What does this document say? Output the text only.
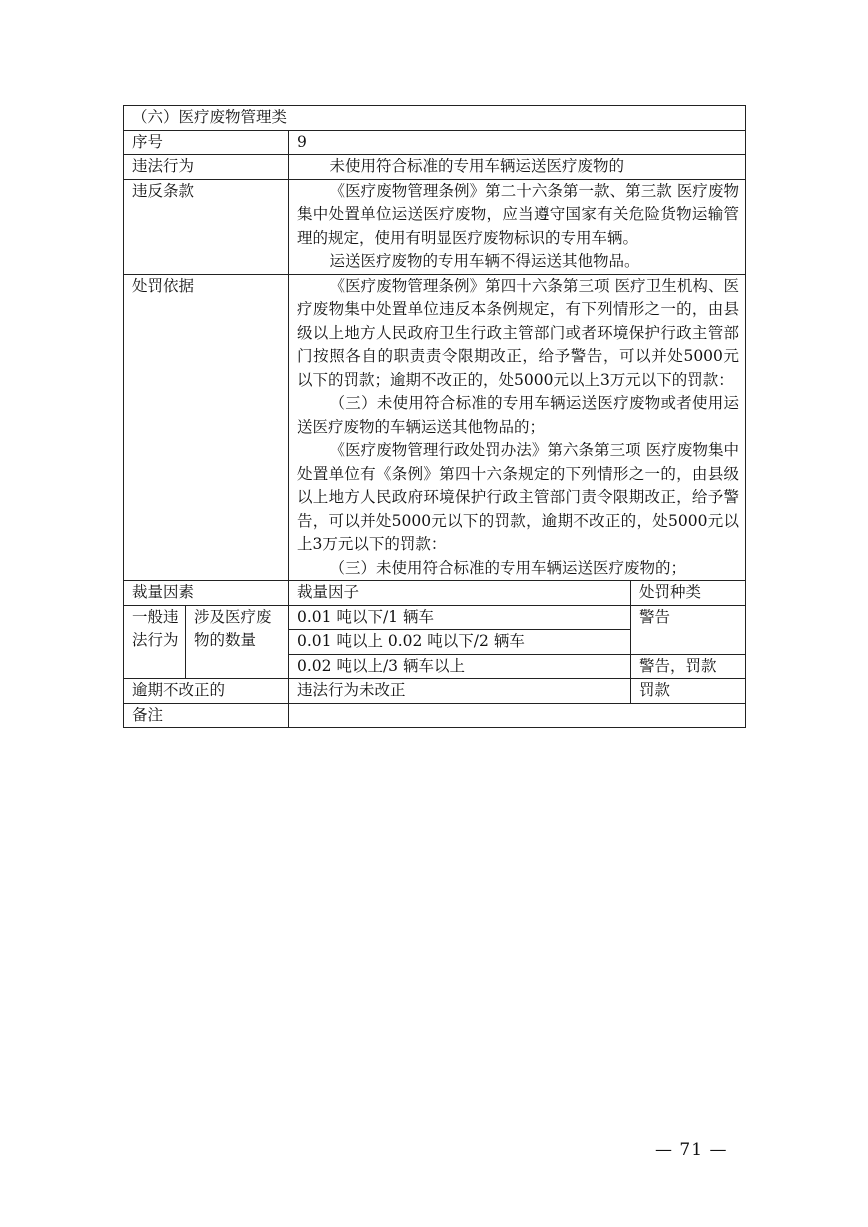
（六）医疗废物管理类			
序号		9	
违法行为		未使用符合标准的专用车辆运送医疗废物的	

违反条款		《医疗废物管理条例》第二十六条第一款、第三款 医疗废物集中处置单位运送医疗废物，应当遵守国家有关危险货物运输管理的规定，使用有明显医疗废物标识的专用车辆。

运送医疗废物的专用车辆不得运送其他物品。	

处罚依据		《医疗废物管理条例》第四十六条第三项 医疗卫生机构、医疗废物集中处置单位违反本条例规定，有下列情形之一的，由县级以上地方人民政府卫生行政主管部门或者环境保护行政主管部门按照各自的职责责令限期改正，给予警告，可以并处5000元以下的罚款；逾期不改正的，处5000元以上3万元以下的罚款：

（三）未使用符合标准的专用车辆运送医疗废物或者使用运送医疗废物的车辆运送其他物品的；

《医疗废物管理行政处罚办法》第六条第三项 医疗废物集中处置单位有《条例》第四十六条规定的下列情形之一的，由县级以上地方人民政府环境保护行政主管部门责令限期改正，给予警告，可以并处5000元以下的罚款，逾期不改正的，处5000元以上3万元以下的罚款：

（三）未使用符合标准的专用车辆运送医疗废物的；	

裁量因素		裁量因子	处罚种类
一般违法行为	涉及医疗废物的数量	0.01 吨以下/1 辆车	警告
		0.01 吨以上 0.02 吨以下/2 辆车	
		0.02 吨以上/3 辆车以上	警告，罚款
逾期不改正的		违法行为未改正	罚款
备注			
— 71 —
